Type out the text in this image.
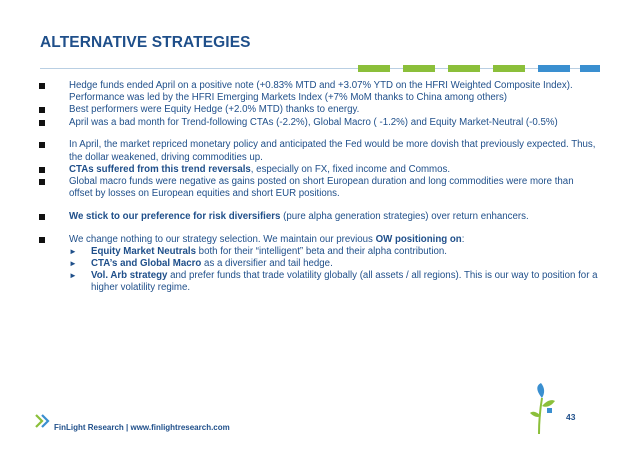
ALTERNATIVE STRATEGIES
Hedge funds ended April on a positive note (+0.83% MTD and +3.07% YTD on the HFRI Weighted Composite Index). Performance was led by the HFRI Emerging Markets Index (+7% MoM thanks to China among others)
Best performers were Equity Hedge (+2.0% MTD) thanks to energy.
April was a bad month for Trend-following CTAs (-2.2%), Global Macro ( -1.2%) and Equity Market-Neutral (-0.5%)
In April, the market repriced monetary policy and anticipated the Fed would be more dovish that previously expected. Thus, the dollar weakened, driving commodities up.
CTAs suffered from this trend reversals, especially on FX, fixed income and Commos.
Global macro funds were negative as gains posted on short European duration and long commodities were more than offset by losses on European equities and short EUR positions.
We stick to our preference for risk diversifiers (pure alpha generation strategies) over return enhancers.
We change nothing to our strategy selection. We maintain our previous OW positioning on:
► Equity Market Neutrals both for their “intelligent” beta and their alpha contribution.
► CTA’s and Global Macro as a diversifier and tail hedge.
► Vol. Arb strategy and prefer funds that trade volatility globally (all assets / all regions). This is our way to position for a higher volatility regime.
FinLight Research | www.finlightresearch.com
43
